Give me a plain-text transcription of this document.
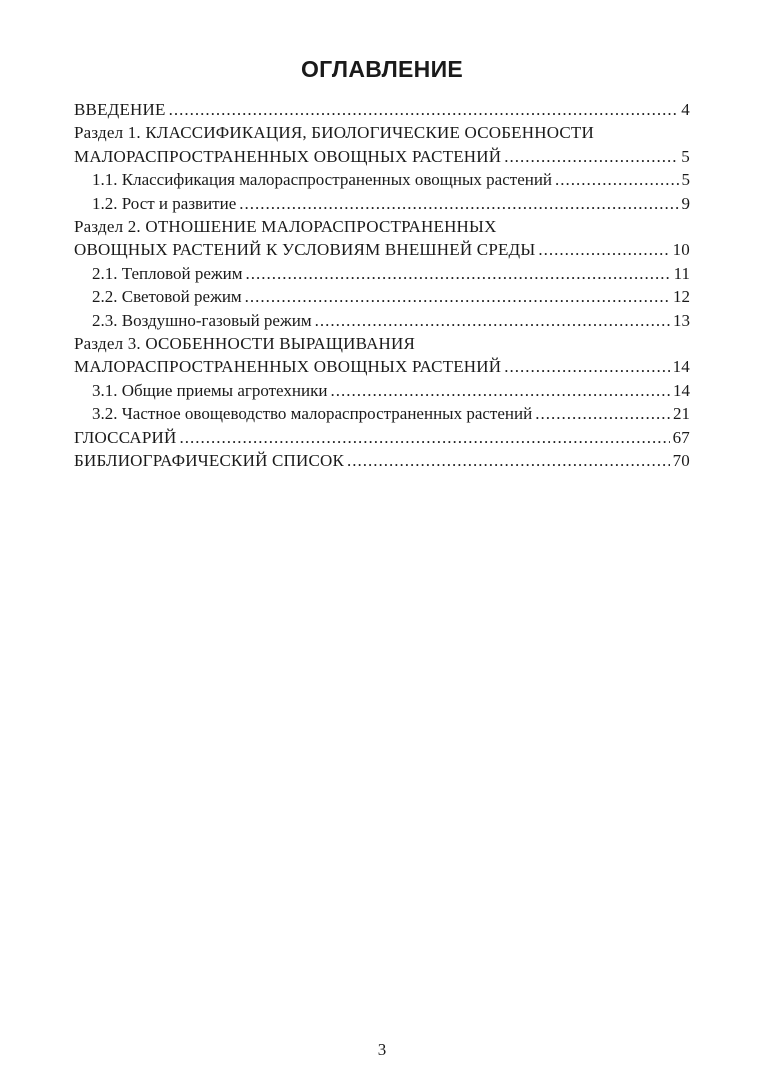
ОГЛАВЛЕНИЕ
ВВЕДЕНИЕ .....	4
Раздел 1. КЛАССИФИКАЦИЯ, БИОЛОГИЧЕСКИЕ ОСОБЕННОСТИ
МАЛОРАСПРОСТРАНЕННЫХ ОВОЩНЫХ РАСТЕНИЙ .....	5
1.1. Классификация малораспространенных овощных растений .....	5
1.2. Рост и развитие .....	9
Раздел 2. ОТНОШЕНИЕ МАЛОРАСПРОСТРАНЕННЫХ
ОВОЩНЫХ РАСТЕНИЙ К УСЛОВИЯМ ВНЕШНЕЙ СРЕДЫ .....	10
2.1. Тепловой режим .....	11
2.2. Световой режим .....	12
2.3. Воздушно-газовый режим .....	13
Раздел 3. ОСОБЕННОСТИ ВЫРАЩИВАНИЯ
МАЛОРАСПРОСТРАНЕННЫХ ОВОЩНЫХ РАСТЕНИЙ .....	14
3.1. Общие приемы агротехники .....	14
3.2. Частное овощеводство малораспространенных растений .....	21
ГЛОССАРИЙ .....	67
БИБЛИОГРАФИЧЕСКИЙ СПИСОК .....	70
3
